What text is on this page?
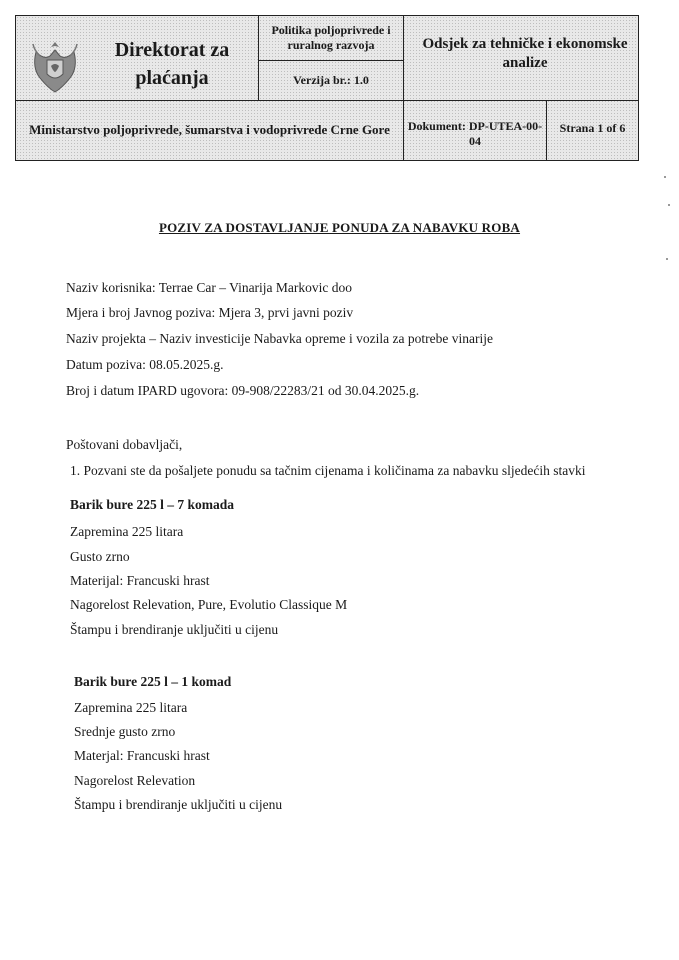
Direktorat za plaćanja
Politika poljoprivrede i ruralnog razvoja
Verzija br.: 1.0
Odsjek za tehničke i ekonomske analize
Ministarstvo poljoprivrede, šumarstva i vodoprivrede Crne Gore	Dokument: DP-UTEA-00-04
Strana 1 of 6
POZIV ZA DOSTAVLJANJE PONUDA ZA NABAVKU ROBA
Naziv korisnika: Terrae Car – Vinarija Markovic doo
Mjera i broj Javnog poziva: Mjera 3, prvi javni poziv
Naziv projekta – Naziv investicije Nabavka opreme i vozila za potrebe vinarije
Datum poziva: 08.05.2025.g.
Broj i datum IPARD ugovora: 09-908/22283/21 od 30.04.2025.g.
Poštovani dobavljači,
1. Pozvani ste da pošaljete ponudu sa tačnim cijenama i količinama za nabavku sljedećih stavki
Barik bure 225 l – 7 komada
Zapremina 225 litara
Gusto zrno
Materijal: Francuski hrast
Nagorelost Relevation, Pure, Evolutio Classique M
Štampu i brendiranje uključiti u cijenu
Barik bure 225 l – 1 komad
Zapremina 225 litara
Srednje gusto zrno
Materjal: Francuski hrast
Nagorelost Relevation
Štampu i brendiranje uključiti u cijenu
